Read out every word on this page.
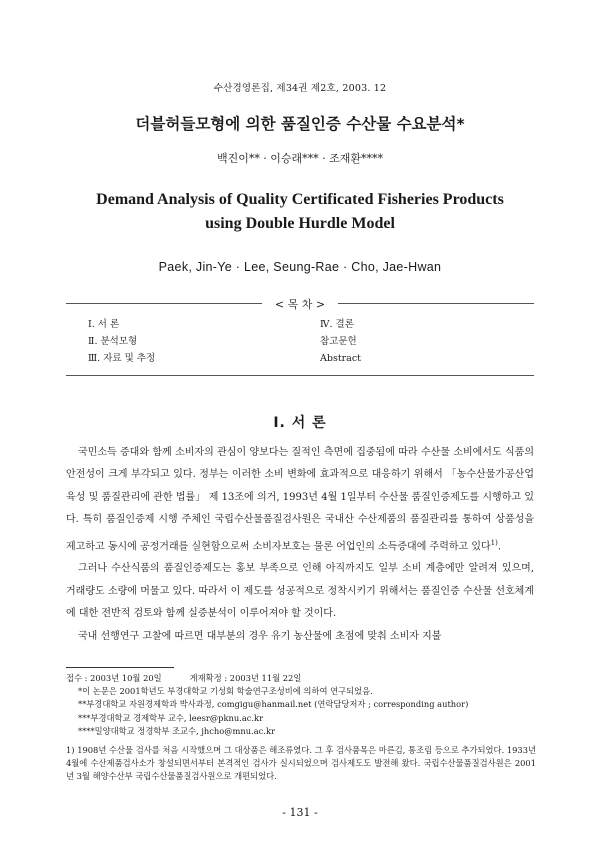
수산경영론집, 제34권 제2호, 2003. 12
더블허들모형에 의한 품질인증 수산물 수요분석*
백진이** · 이승래*** · 조재환****
Demand Analysis of Quality Certificated Fisheries Products
using Double Hurdle Model
Paek, Jin-Ye · Lee, Seung-Rae · Cho, Jae-Hwan
< 목 차 >
Ⅰ. 서 론
Ⅱ. 분석모형
Ⅲ. 자료 및 추정
Ⅳ. 결론
참고문헌
Abstract
Ⅰ. 서 론

국민소득 증대와 함께 소비자의 관심이 양보다는 질적인 측면에 집중됨에 따라 수산물 소비에서도 식품의 안전성이 크게 부각되고 있다. 정부는 이러한 소비 변화에 효과적으로 대응하기 위해서 「농수산물가공산업육성 및 품질관리에 관한 법률」 제 13조에 의거, 1993년 4월 1일부터 수산물 품질인증제도를 시행하고 있다. 특히 품질인증제 시행 주체인 국립수산물품질검사원은 국내산 수산제품의 품질관리를 통하여 상품성을 제고하고 동시에 공정거래를 실현함으로써 소비자보호는 물론 어업인의 소득증대에 주력하고 있다$^{1)}$.

그러나 수산식품의 품질인증제도는 홍보 부족으로 인해 아직까지도 일부 소비 계층에만 알려져 있으며, 거래량도 소량에 머물고 있다. 따라서 이 제도를 성공적으로 정착시키기 위해서는 품질인증 수산물 선호체계에 대한 전반적 검토와 함께 실증분석이 이루어져야 할 것이다.

국내 선행연구 고찰에 따르면 대부분의 경우 유기 농산물에 초점에 맞춰 소비자 지불

접수 : 2003년 10월 20일	게재확정 : 2003년 11월 22일
*이 논문은 2001학년도 부경대학교 기성회 학술연구조성비에 의하여 연구되었음.
**부경대학교 자원경제학과 박사과정, comgigu@hanmail.net (연락담당저자 ; corresponding author)
***부경대학교 경제학부 교수, leesr@pknu.ac.kr
****밀양대학교 정경학부 조교수, jhcho@mnu.ac.kr
1) 1908년 수산물 검사를 처음 시작했으며 그 대상품은 해조류였다. 그 후 검사품목은 마른김, 통조림 등으로 추가되었다. 1933년 4월에 수산제품검사소가 창설되면서부터 본격적인 검사가 실시되었으며 검사제도도 발전해 왔다. 국립수산물품질검사원은 2001년 3월 해양수산부 국립수산물품질검사원으로 개편되었다.
- 131 -
